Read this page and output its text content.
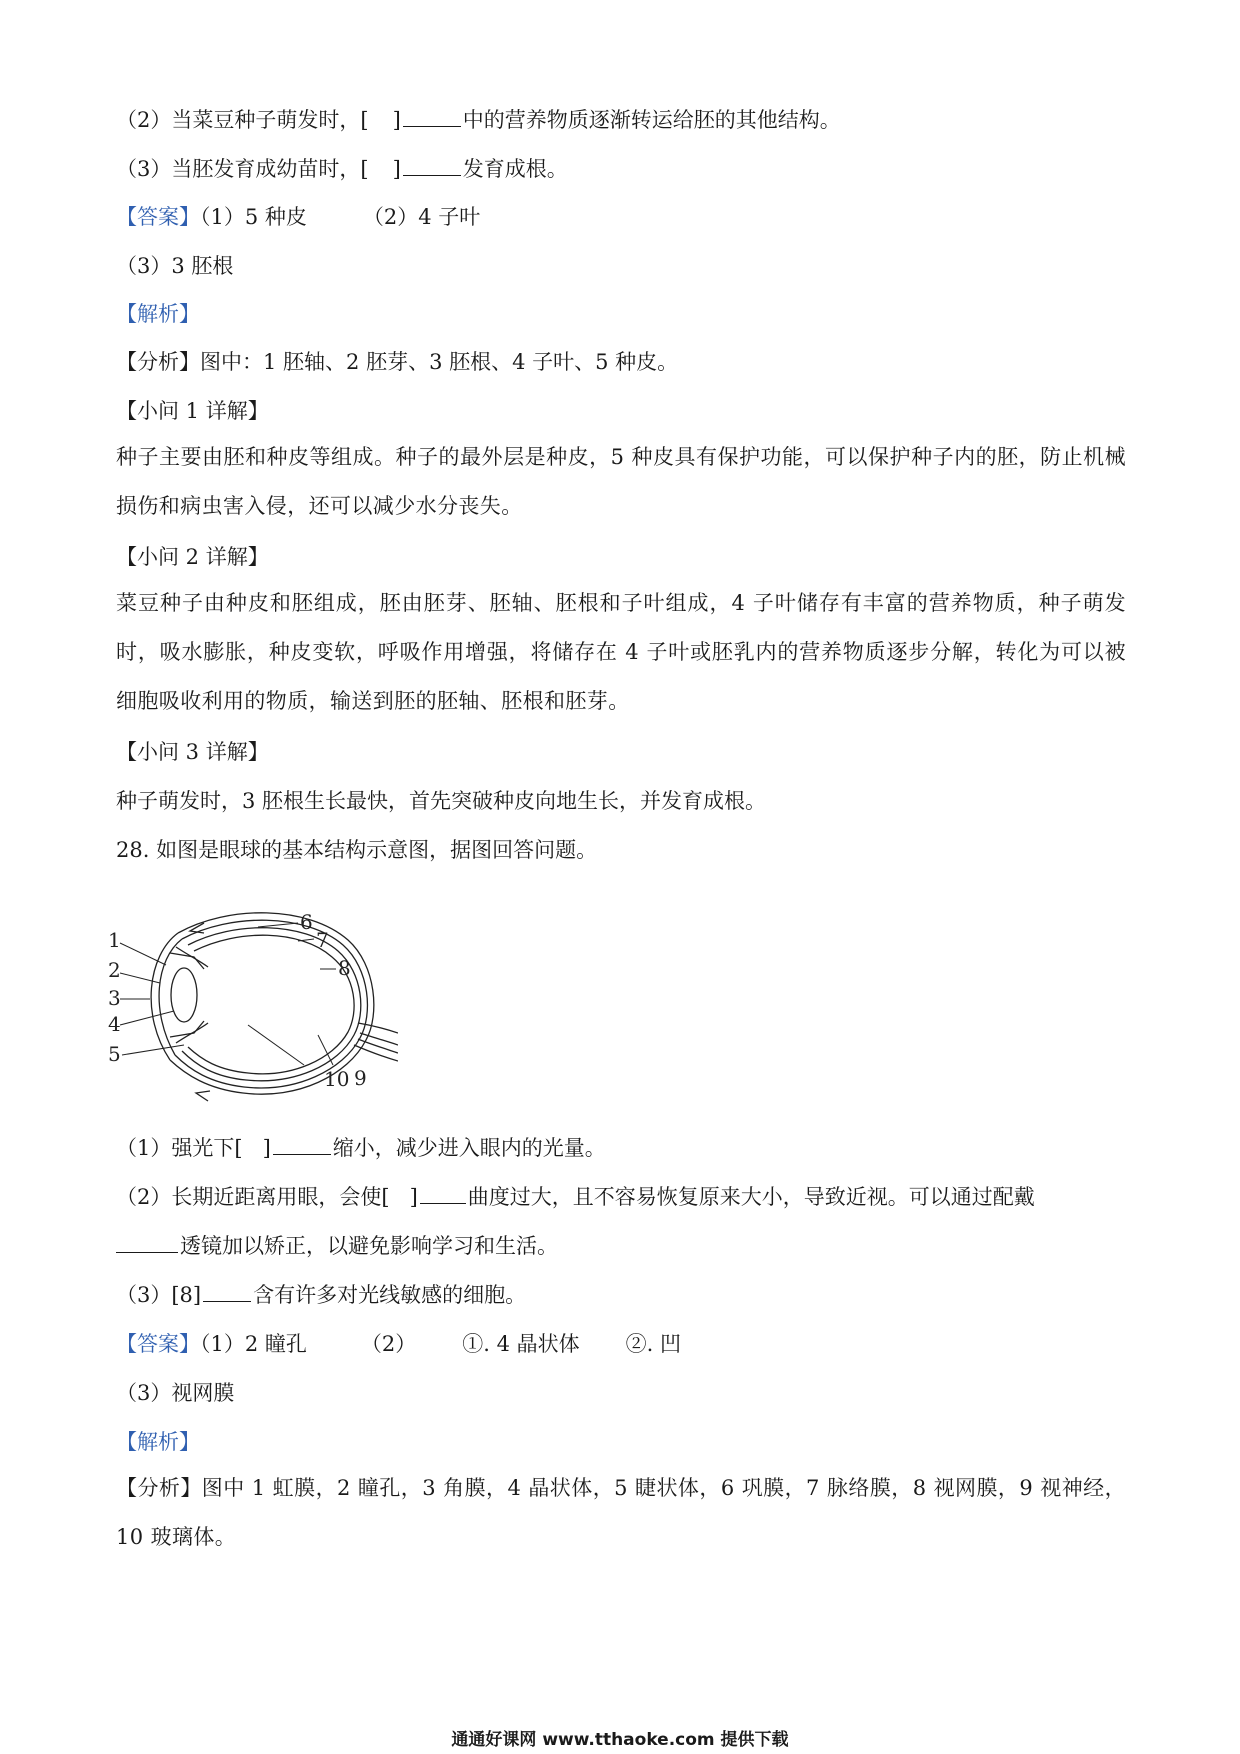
（2）当菜豆种子萌发时，[ ]	中的营养物质逐渐转运给胚的其他结构。
（3）当胚发育成幼苗时，[ ]	发育成根。
【答案】（1）5 种皮	（2）4 子叶
（3）3 胚根
【解析】
【分析】图中：1 胚轴、2 胚芽、3 胚根、4 子叶、5 种皮。
【小问 1 详解】
种子主要由胚和种皮等组成。种子的最外层是种皮，5 种皮具有保护功能，可以保护种子内的胚，防止机械损伤和病虫害入侵，还可以减少水分丧失。
【小问 2 详解】
菜豆种子由种皮和胚组成，胚由胚芽、胚轴、胚根和子叶组成，4 子叶储存有丰富的营养物质，种子萌发时，吸水膨胀，种皮变软，呼吸作用增强，将储存在 4 子叶或胚乳内的营养物质逐步分解，转化为可以被细胞吸收利用的物质，输送到胚的胚轴、胚根和胚芽。
【小问 3 详解】
种子萌发时，3 胚根生长最快，首先突破种皮向地生长，并发育成根。
28. 如图是眼球的基本结构示意图，据图回答问题。
1
2
3
4
5
6
7
8
9
10
（1）强光下[ ]	缩小，减少进入眼内的光量。
（2）长期近距离用眼，会使[ ] 曲度过大，且不容易恢复原来大小，导致近视。可以通过配戴
透镜加以矫正，以避免影响学习和生活。
（3）[8] 含有许多对光线敏感的细胞。
【答案】（1）2 瞳孔	（2） ①. 4 晶状体 ②. 凹
（3）视网膜
【解析】
【分析】图中 1 虹膜，2 瞳孔，3 角膜，4 晶状体，5 睫状体，6 巩膜，7 脉络膜，8 视网膜，9 视神经，10 玻璃体。
通通好课网 www.tthaoke.com 提供下载
